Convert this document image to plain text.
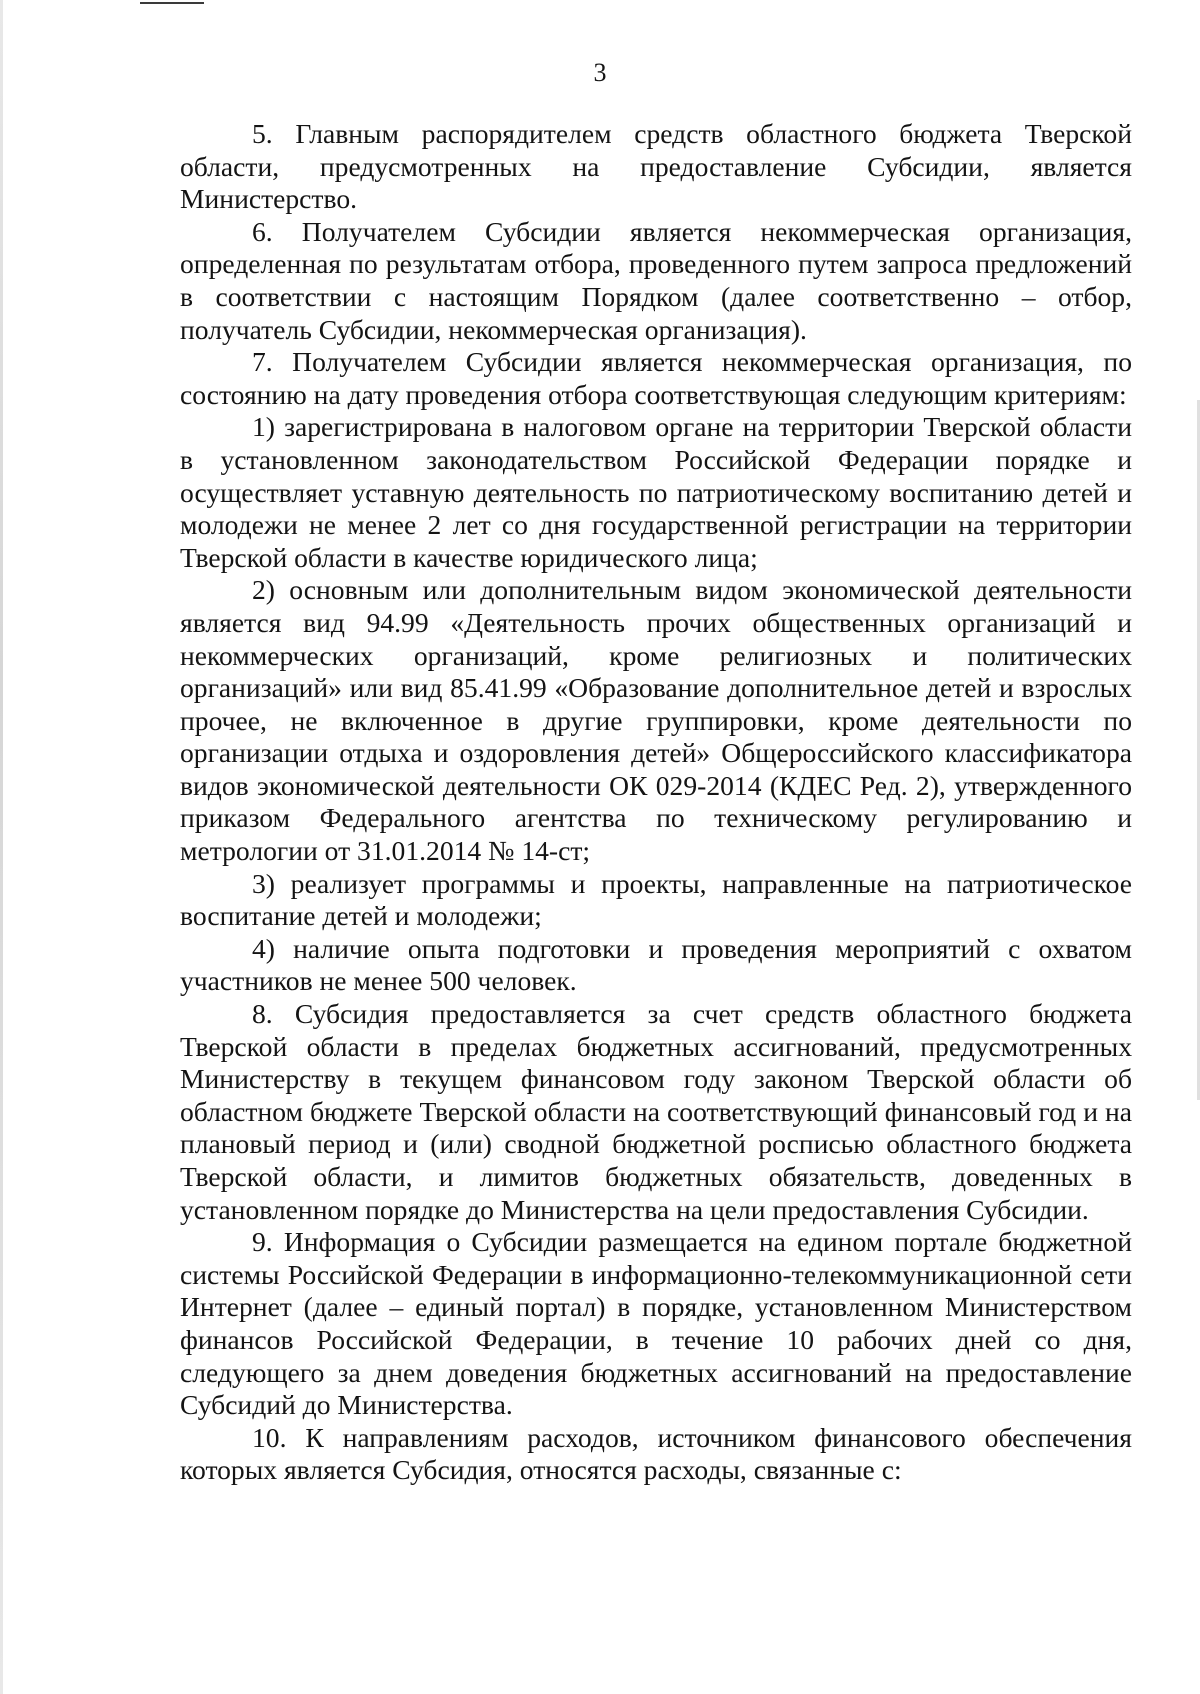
3

5. Главным распорядителем средств областного бюджета Тверской области, предусмотренных на предоставление Субсидии, является Министерство.

6. Получателем Субсидии является некоммерческая организация, определенная по результатам отбора, проведенного путем запроса предложений в соответствии с настоящим Порядком (далее соответственно – отбор, получатель Субсидии, некоммерческая организация).

7. Получателем Субсидии является некоммерческая организация, по состоянию на дату проведения отбора соответствующая следующим критериям:

1) зарегистрирована в налоговом органе на территории Тверской области в установленном законодательством Российской Федерации порядке и осуществляет уставную деятельность по патриотическому воспитанию детей и молодежи не менее 2 лет со дня государственной регистрации на территории Тверской области в качестве юридического лица;

2) основным или дополнительным видом экономической деятельности является вид 94.99 «Деятельность прочих общественных организаций и некоммерческих организаций, кроме религиозных и политических организаций» или вид 85.41.99 «Образование дополнительное детей и взрослых прочее, не включенное в другие группировки, кроме деятельности по организации отдыха и оздоровления детей» Общероссийского классификатора видов экономической деятельности ОК 029-2014 (КДЕС Ред. 2), утвержденного приказом Федерального агентства по техническому регулированию и метрологии от 31.01.2014 № 14-ст;

3) реализует программы и проекты, направленные на патриотическое воспитание детей и молодежи;

4) наличие опыта подготовки и проведения мероприятий с охватом участников не менее 500 человек.

8. Субсидия предоставляется за счет средств областного бюджета Тверской области в пределах бюджетных ассигнований, предусмотренных Министерству в текущем финансовом году законом Тверской области об областном бюджете Тверской области на соответствующий финансовый год и на плановый период и (или) сводной бюджетной росписью областного бюджета Тверской области, и лимитов бюджетных обязательств, доведенных в установленном порядке до Министерства на цели предоставления Субсидии.

9. Информация о Субсидии размещается на едином портале бюджетной системы Российской Федерации в информационно-телекоммуникационной сети Интернет (далее – единый портал) в порядке, установленном Министерством финансов Российской Федерации, в течение 10 рабочих дней со дня, следующего за днем доведения бюджетных ассигнований на предоставление Субсидий до Министерства.

10. К направлениям расходов, источником финансового обеспечения которых является Субсидия, относятся расходы, связанные с:
